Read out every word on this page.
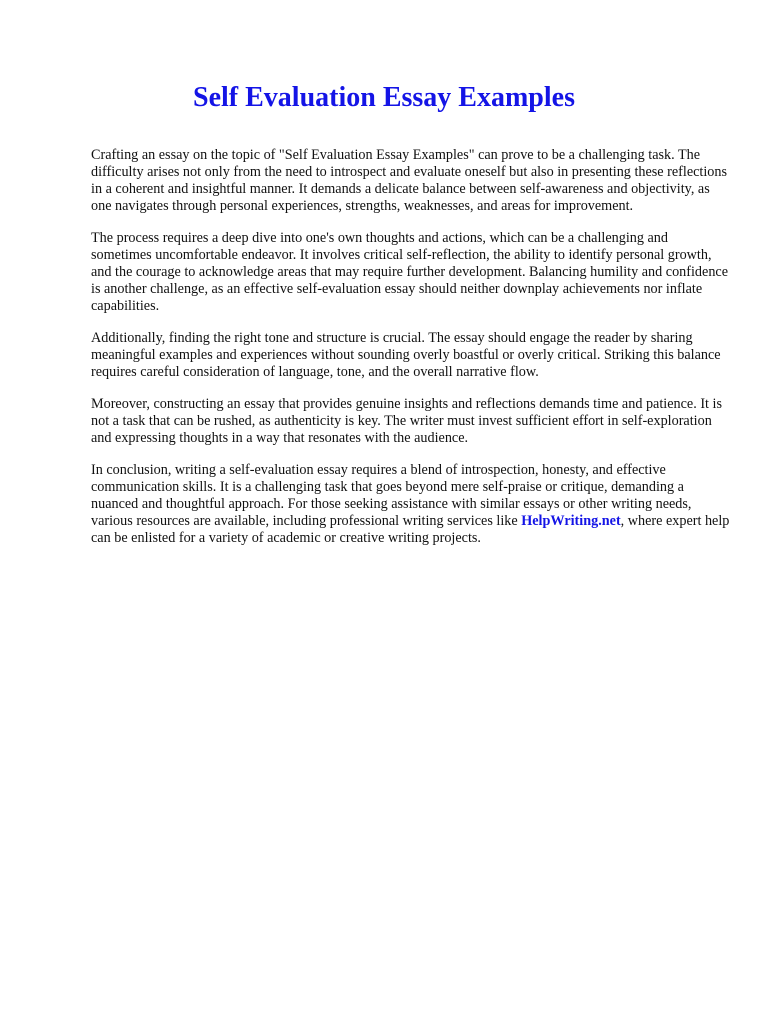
Self Evaluation Essay Examples

Crafting an essay on the topic of "Self Evaluation Essay Examples" can prove to be a challenging task. The difficulty arises not only from the need to introspect and evaluate oneself but also in presenting these reflections in a coherent and insightful manner. It demands a delicate balance between self-awareness and objectivity, as one navigates through personal experiences, strengths, weaknesses, and areas for improvement.

The process requires a deep dive into one's own thoughts and actions, which can be a challenging and sometimes uncomfortable endeavor. It involves critical self-reflection, the ability to identify personal growth, and the courage to acknowledge areas that may require further development. Balancing humility and confidence is another challenge, as an effective self-evaluation essay should neither downplay achievements nor inflate capabilities.

Additionally, finding the right tone and structure is crucial. The essay should engage the reader by sharing meaningful examples and experiences without sounding overly boastful or overly critical. Striking this balance requires careful consideration of language, tone, and the overall narrative flow.

Moreover, constructing an essay that provides genuine insights and reflections demands time and patience. It is not a task that can be rushed, as authenticity is key. The writer must invest sufficient effort in self-exploration and expressing thoughts in a way that resonates with the audience.

In conclusion, writing a self-evaluation essay requires a blend of introspection, honesty, and effective communication skills. It is a challenging task that goes beyond mere self-praise or critique, demanding a nuanced and thoughtful approach. For those seeking assistance with similar essays or other writing needs, various resources are available, including professional writing services like HelpWriting.net, where expert help can be enlisted for a variety of academic or creative writing projects.
